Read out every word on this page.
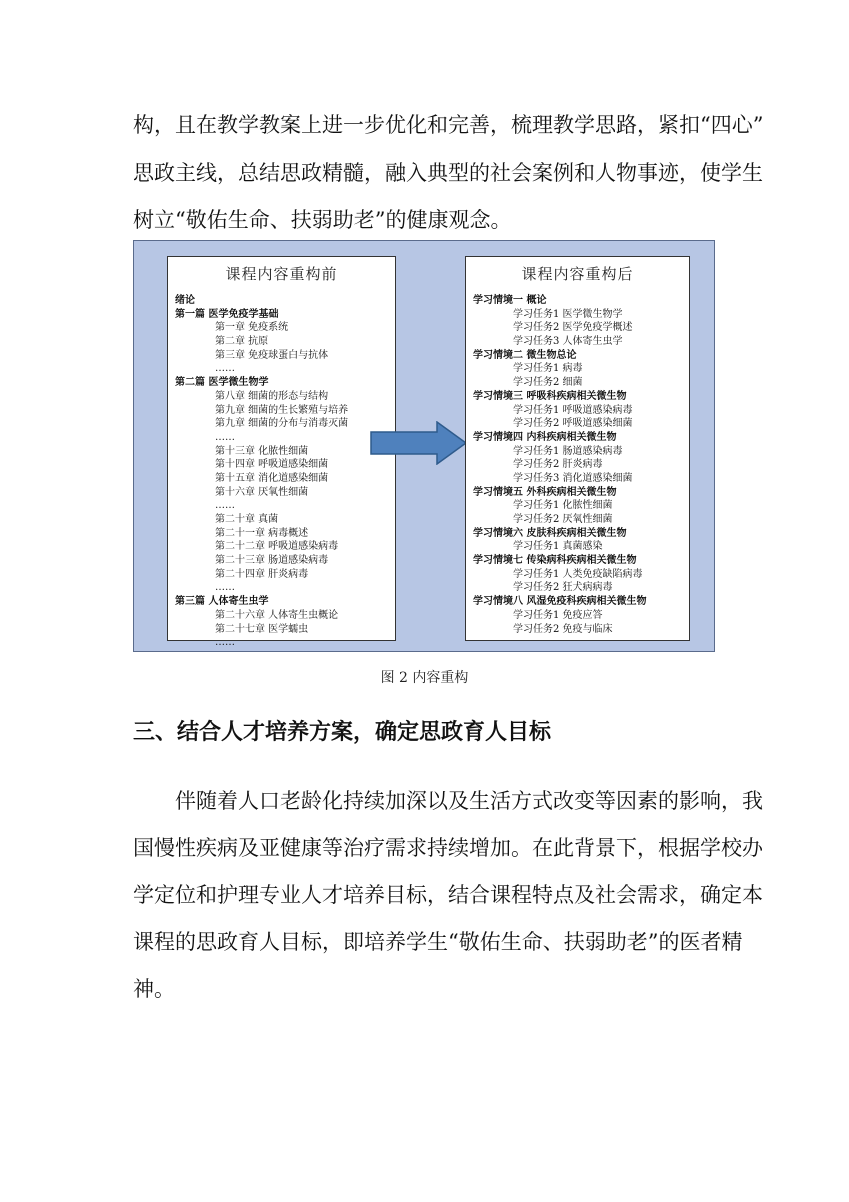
构，且在教学教案上进一步优化和完善，梳理教学思路，紧扣“四心”
思政主线，总结思政精髓，融入典型的社会案例和人物事迹，使学生
树立“敬佑生命、扶弱助老”的健康观念。
课程内容重构前
绪论
第一篇 医学免疫学基础
第一章 免疫系统
第二章 抗原
第三章 免疫球蛋白与抗体
……
第二篇 医学微生物学
第八章 细菌的形态与结构
第九章 细菌的生长繁殖与培养
第九章 细菌的分布与消毒灭菌
……
第十三章 化脓性细菌
第十四章 呼吸道感染细菌
第十五章 消化道感染细菌
第十六章 厌氧性细菌
……
第二十章 真菌
第二十一章 病毒概述
第二十二章 呼吸道感染病毒
第二十三章 肠道感染病毒
第二十四章 肝炎病毒
……
第三篇 人体寄生虫学
第二十六章 人体寄生虫概论
第二十七章 医学蠕虫
……
课程内容重构后
学习情境一 概论
学习任务1 医学微生物学
学习任务2 医学免疫学概述
学习任务3 人体寄生虫学
学习情境二 微生物总论
学习任务1 病毒
学习任务2 细菌
学习情境三 呼吸科疾病相关微生物
学习任务1 呼吸道感染病毒
学习任务2 呼吸道感染细菌
学习情境四 内科疾病相关微生物
学习任务1 肠道感染病毒
学习任务2 肝炎病毒
学习任务3 消化道感染细菌
学习情境五 外科疾病相关微生物
学习任务1 化脓性细菌
学习任务2 厌氧性细菌
学习情境六 皮肤科疾病相关微生物
学习任务1 真菌感染
学习情境七 传染病科疾病相关微生物
学习任务1 人类免疫缺陷病毒
学习任务2 狂犬病病毒
学习情境八 风湿免疫科疾病相关微生物
学习任务1 免疫应答
学习任务2 免疫与临床
图 2 内容重构
三、结合人才培养方案，确定思政育人目标
伴随着人口老龄化持续加深以及生活方式改变等因素的影响，我
国慢性疾病及亚健康等治疗需求持续增加。在此背景下，根据学校办
学定位和护理专业人才培养目标，结合课程特点及社会需求，确定本
课程的思政育人目标，即培养学生“敬佑生命、扶弱助老”的医者精
神。
